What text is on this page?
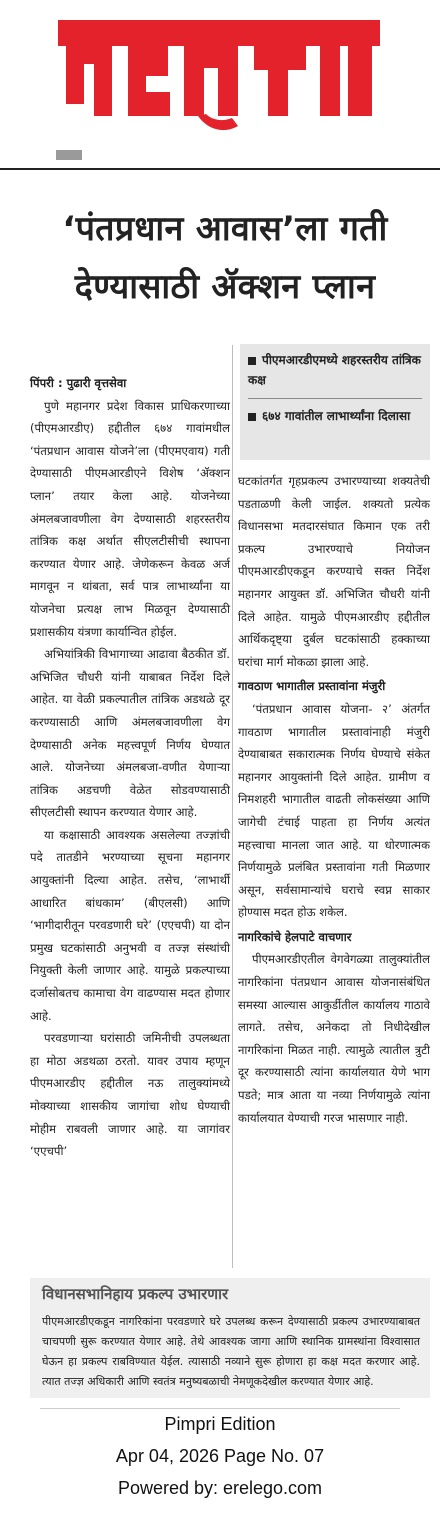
‘पंतप्रधान आवास’ला गती
देण्यासाठी ॲक्शन प्लान
पीएमआरडीएमध्ये शहरस्तरीय तांत्रिक कक्ष
६७४ गावांतील लाभार्थ्यांना दिलासा

पिंपरी : पुढारी वृत्तसेवा

पुणे महानगर प्रदेश विकास प्राधिकरणाच्या (पीएमआरडीए) हद्दीतील ६७४ गावांमधील ‘पंतप्रधान आवास योजने’ला (पीएमएवाय) गती देण्यासाठी पीएमआरडीएने विशेष ‘ॲक्शन प्लान’ तयार केला आहे. योजनेच्या अंमलबजावणीला वेग देण्यासाठी शहरस्तरीय तांत्रिक कक्ष अर्थात सीएलटीसीची स्थापना करण्यात येणार आहे. जेणेकरून केवळ अर्ज मागवून न थांबता, सर्व पात्र लाभार्थ्यांना या योजनेचा प्रत्यक्ष लाभ मिळवून देण्यासाठी प्रशासकीय यंत्रणा कार्यान्वित होईल.

अभियांत्रिकी विभागाच्या आढावा बैठकीत डॉ. अभिजित चौधरी यांनी याबाबत निर्देश दिले आहेत. या वेळी प्रकल्पातील तांत्रिक अडथळे दूर करण्यासाठी आणि अंमलबजावणीला वेग देण्यासाठी अनेक महत्त्वपूर्ण निर्णय घेण्यात आले. योजनेच्या अंमलबजा-वणीत येणाऱ्या तांत्रिक अडचणी वेळेत सोडवण्यासाठी सीएलटीसी स्थापन करण्यात येणार आहे.

या कक्षासाठी आवश्यक असलेल्या तज्ज्ञांची पदे तातडीने भरण्याच्या सूचना महानगर आयुक्तांनी दिल्या आहेत. तसेच, ‘लाभार्थी आधारित बांधकाम’ (बीएलसी) आणि ‘भागीदारीतून परवडणारी घरे’ (एएचपी) या दोन प्रमुख घटकांसाठी अनुभवी व तज्ज्ञ संस्थांची नियुक्ती केली जाणार आहे. यामुळे प्रकल्पाच्या दर्जासोबतच कामाचा वेग वाढण्यास मदत होणार आहे.

परवडणाऱ्या घरांसाठी जमिनीची उपलब्धता हा मोठा अडथळा ठरतो. यावर उपाय म्हणून पीएमआरडीए हद्दीतील नऊ तालुक्यांमध्ये मोक्याच्या शासकीय जागांचा शोध घेण्याची मोहीम राबवली जाणार आहे. या जागांवर ‘एएचपी’

घटकांतर्गत गृहप्रकल्प उभारण्याच्या शक्यतेची पडताळणी केली जाईल. शक्यतो प्रत्येक विधानसभा मतदारसंघात किमान एक तरी प्रकल्प उभारण्याचे नियोजन पीएमआरडीएकडून करण्याचे सक्त निर्देश महानगर आयुक्त डॉ. अभिजित चौधरी यांनी दिले आहेत. यामुळे पीएमआरडीए हद्दीतील आर्थिकदृष्ट्या दुर्बल घटकांसाठी हक्काच्या घरांचा मार्ग मोकळा झाला आहे.

गावठाण भागातील प्रस्तावांना मंजुरी

‘पंतप्रधान आवास योजना- २’ अंतर्गत गावठाण भागातील प्रस्तावांनाही मंजुरी देण्याबाबत सकारात्मक निर्णय घेण्याचे संकेत महानगर आयुक्तांनी दिले आहेत. ग्रामीण व निमशहरी भागातील वाढती लोकसंख्या आणि जागेची टंचाई पाहता हा निर्णय अत्यंत महत्त्वाचा मानला जात आहे. या धोरणात्मक निर्णयामुळे प्रलंबित प्रस्तावांना गती मिळणार असून, सर्वसामान्यांचे घराचे स्वप्न साकार होण्यास मदत होऊ शकेल.

नागरिकांचे हेलपाटे वाचणार

पीएमआरडीएतील वेगवेगळ्या तालुक्यांतील नागरिकांना पंतप्रधान आवास योजनासंबंधित समस्या आल्यास आकुर्डीतील कार्यालय गाठावे लागते. तसेच, अनेकदा तो निधीदेखील नागरिकांना मिळत नाही. त्यामुळे त्यातील त्रुटी दूर करण्यासाठी त्यांना कार्यालयात येणे भाग पडते; मात्र आता या नव्या निर्णयामुळे त्यांना कार्यालयात येण्याची गरज भासणार नाही.

विधानसभानिहाय प्रकल्प उभारणार
पीएमआरडीएकडून नागरिकांना परवडणारे घरे उपलब्ध करून देण्यासाठी प्रकल्प उभारण्याबाबत चाचपणी सुरू करण्यात येणार आहे. तेथे आवश्यक जागा आणि स्थानिक ग्रामस्थांना विश्वासात घेऊन हा प्रकल्प राबविण्यात येईल. त्यासाठी नव्याने सुरू होणारा हा कक्ष मदत करणार आहे. त्यात तज्ज्ञ अधिकारी आणि स्वतंत्र मनुष्यबळाची नेमणूकदेखील करण्यात येणार आहे.
Pimpri Edition
Apr 04, 2026 Page No. 07
Powered by: erelego.com
